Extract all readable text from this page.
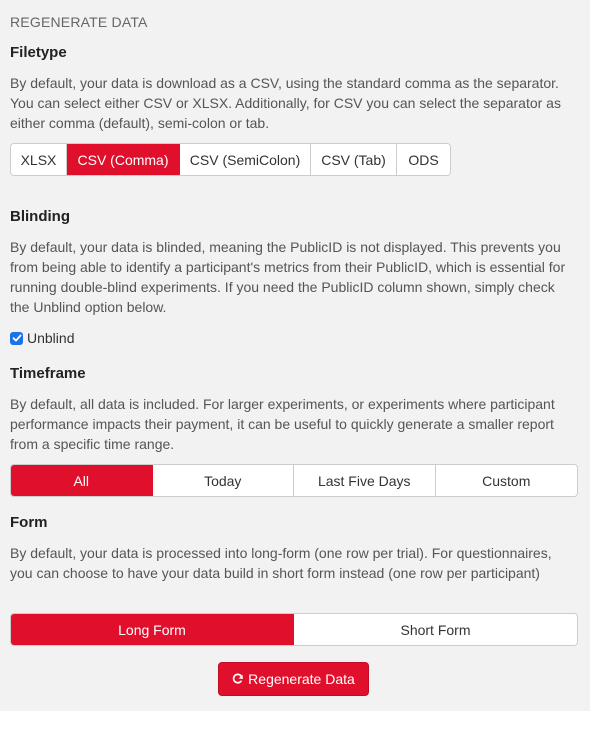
REGENERATE DATA
Filetype
By default, your data is download as a CSV, using the standard comma as the separator. You can select either CSV or XLSX. Additionally, for CSV you can select the separator as either comma (default), semi-colon or tab.
XLSX	CSV (Comma)	CSV (SemiColon)	CSV (Tab)	ODS
Blinding
By default, your data is blinded, meaning the PublicID is not displayed. This prevents you from being able to identify a participant's metrics from their PublicID, which is essential for running double-blind experiments. If you need the PublicID column shown, simply check the Unblind option below.
Unblind
Timeframe
By default, all data is included. For larger experiments, or experiments where participant performance impacts their payment, it can be useful to quickly generate a smaller report from a specific time range.
All	Today	Last Five Days	Custom
Form
By default, your data is processed into long-form (one row per trial). For questionnaires, you can choose to have your data build in short form instead (one row per participant)
Long Form	Short Form
Regenerate Data
